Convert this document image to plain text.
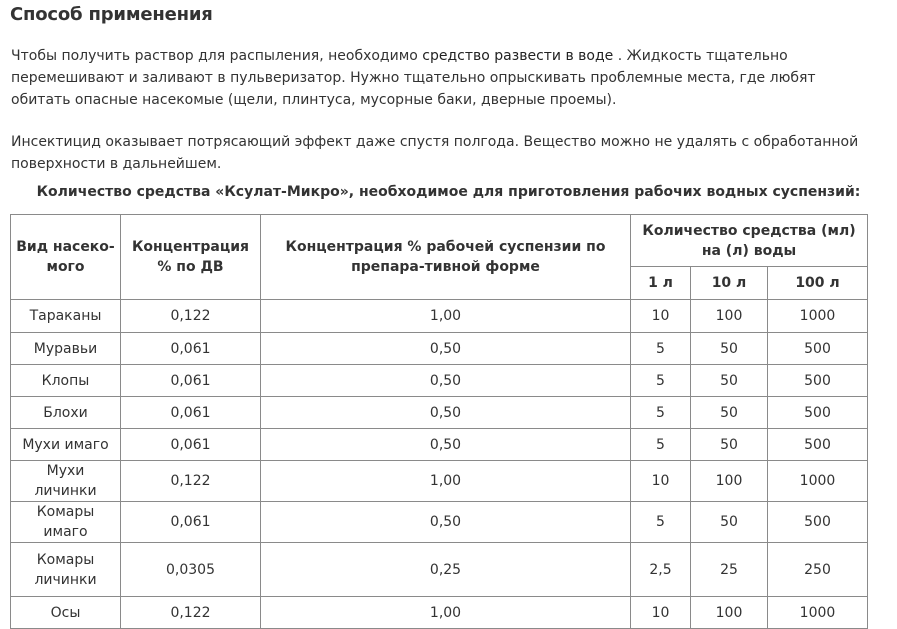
Способ применения
Чтобы получить раствор для распыления, необходимо средство развести в воде . Жидкость тщательно перемешивают и заливают в пульверизатор. Нужно тщательно опрыскивать проблемные места, где любят обитать опасные насекомые (щели, плинтуса, мусорные баки, дверные проемы).
Инсектицид оказывает потрясающий эффект даже спустя полгода. Вещество можно не удалять с обработанной поверхности в дальнейшем.
Количество средства «Ксулат-Микро», необходимое для приготовления рабочих водных суспензий:
Вид насеко-мого	Концентрация % по ДВ	Концентрация % рабочей суспензии по препара-тивной форме	Количество средства (мл) на (л) воды		
			1 л	10 л	100 л
Тараканы	0,122	1,00	10	100	1000
Муравьи	0,061	0,50	5	50	500
Клопы	0,061	0,50	5	50	500
Блохи	0,061	0,50	5	50	500
Мухи имаго	0,061	0,50	5	50	500
Мухи личинки	0,122	1,00	10	100	1000
Комары имаго	0,061	0,50	5	50	500
Комары личинки	0,0305	0,25	2,5	25	250
Осы	0,122	1,00	10	100	1000
